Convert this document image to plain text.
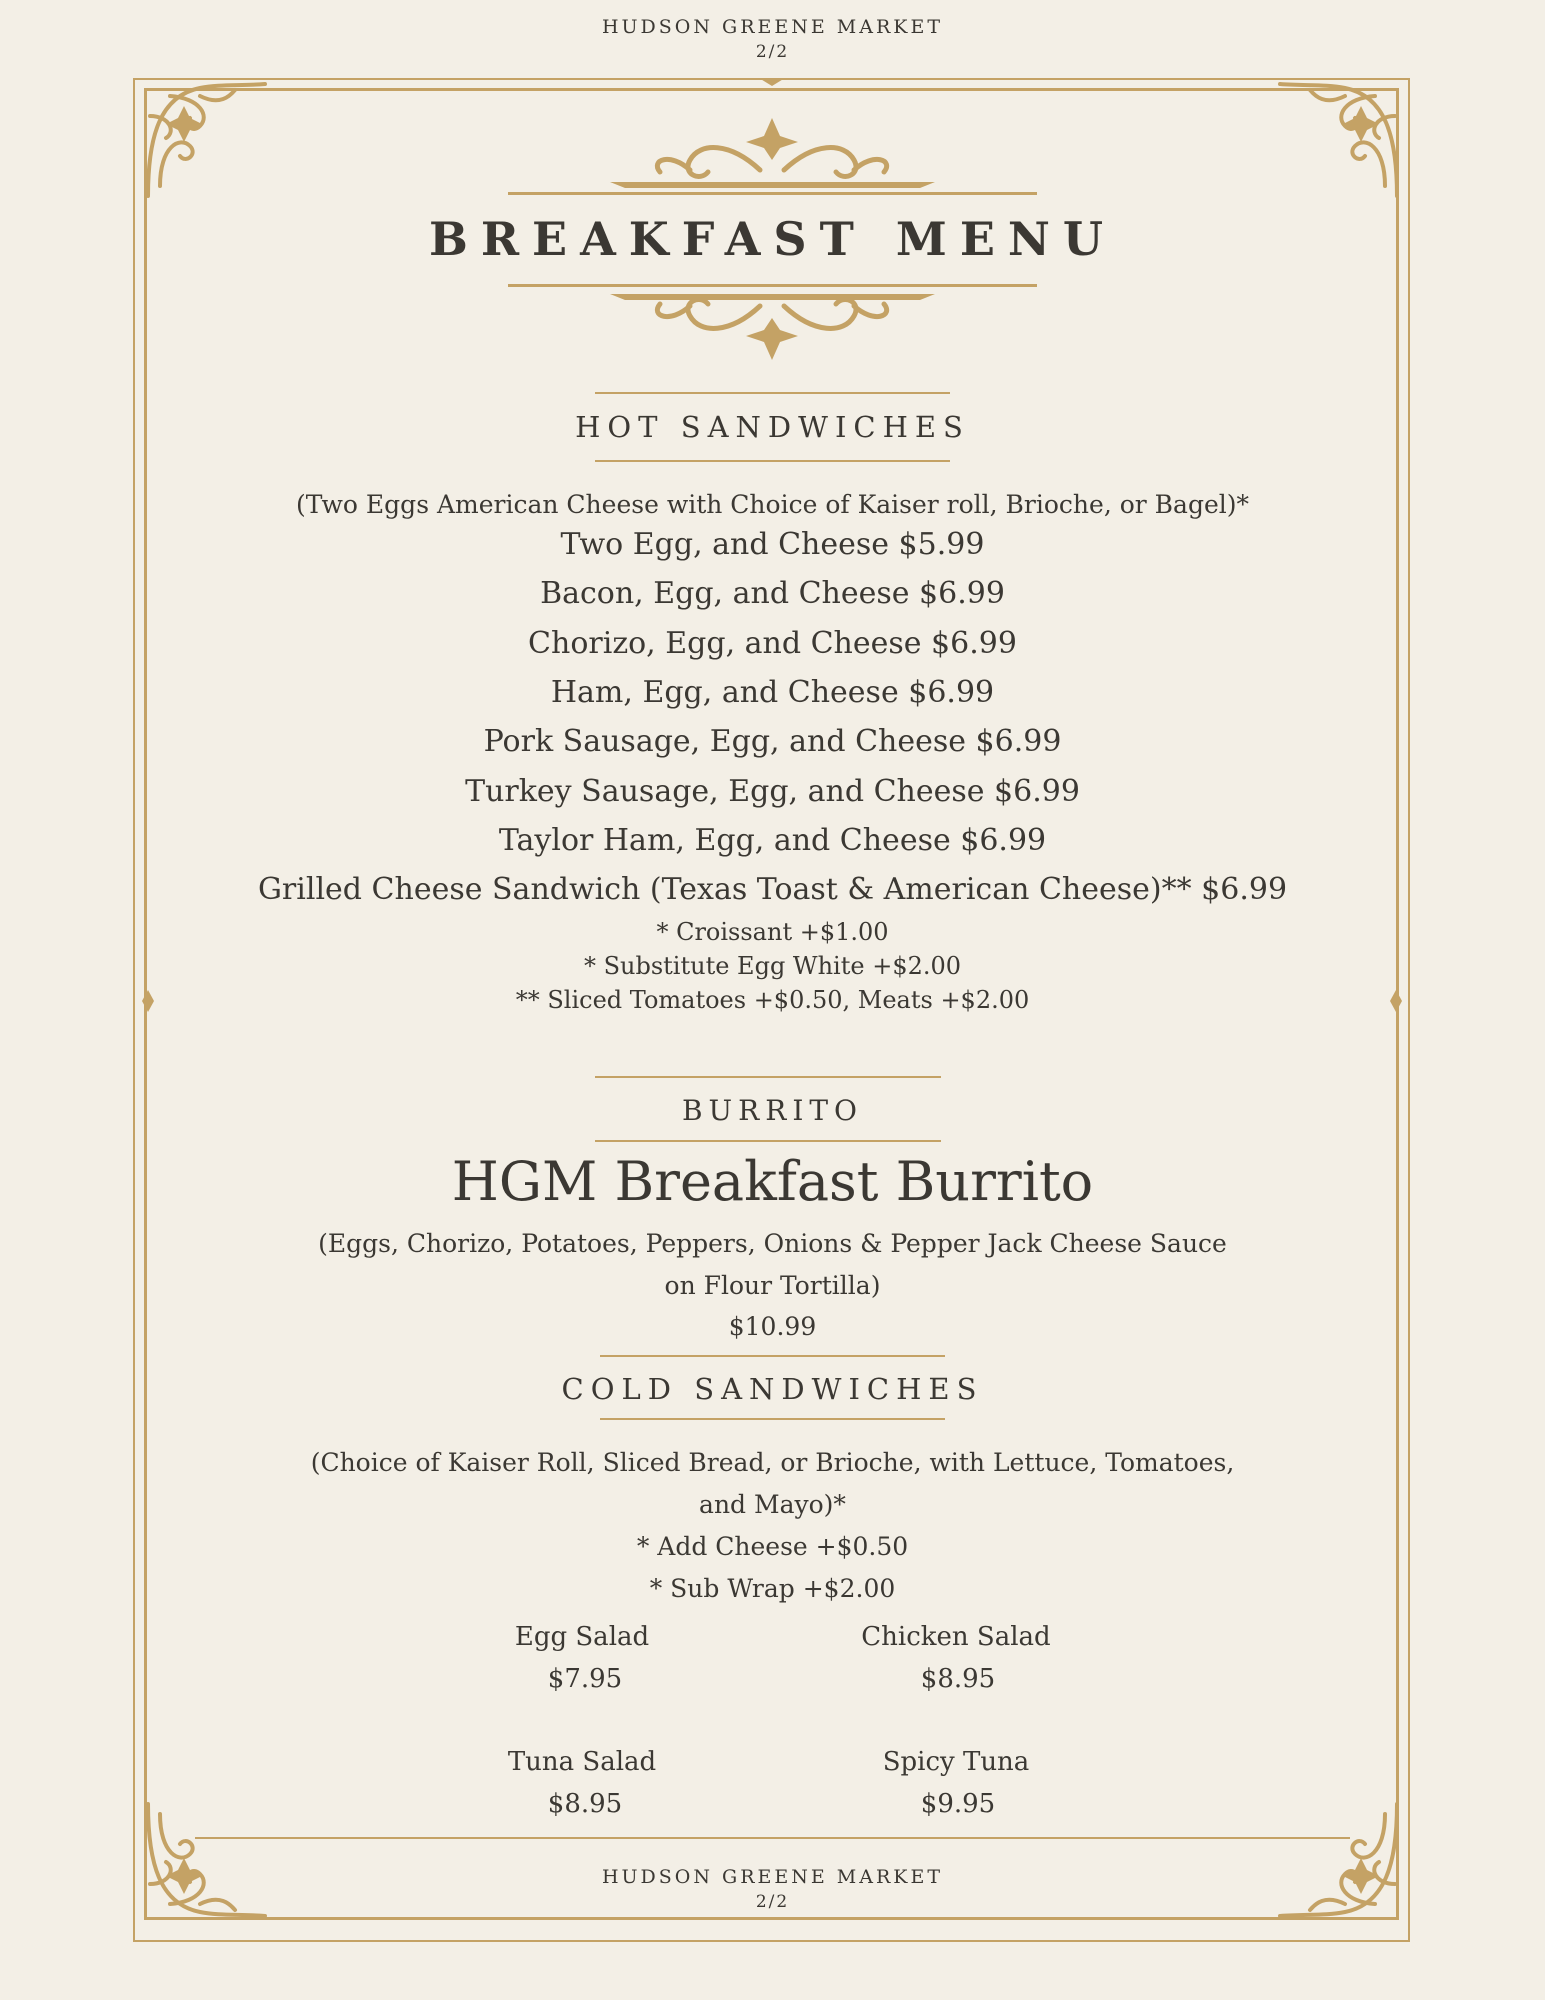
HUDSON GREENE MARKET

2/2

BREAKFAST MENU

HOT SANDWICHES

(Two Eggs American Cheese with Choice of Kaiser roll, Brioche, or Bagel)*

Two Egg, and Cheese $5.99

Bacon, Egg, and Cheese $6.99

Chorizo, Egg, and Cheese $6.99

Ham, Egg, and Cheese $6.99

Pork Sausage, Egg, and Cheese $6.99

Turkey Sausage, Egg, and Cheese $6.99

Taylor Ham, Egg, and Cheese $6.99

Grilled Cheese Sandwich (Texas Toast & American Cheese)** $6.99

* Croissant +$1.00

* Substitute Egg White +$2.00

** Sliced Tomatoes +$0.50, Meats +$2.00

BURRITO

HGM Breakfast Burrito

(Eggs, Chorizo, Potatoes, Peppers, Onions & Pepper Jack Cheese Sauce

on Flour Tortilla)

$10.99

COLD SANDWICHES

(Choice of Kaiser Roll, Sliced Bread, or Brioche, with Lettuce, Tomatoes,

and Mayo)*

* Add Cheese +$0.50

* Sub Wrap +$2.00

Egg Salad

$7.95

Chicken Salad

$8.95

Tuna Salad

$8.95

Spicy Tuna

$9.95

HUDSON GREENE MARKET

2/2
